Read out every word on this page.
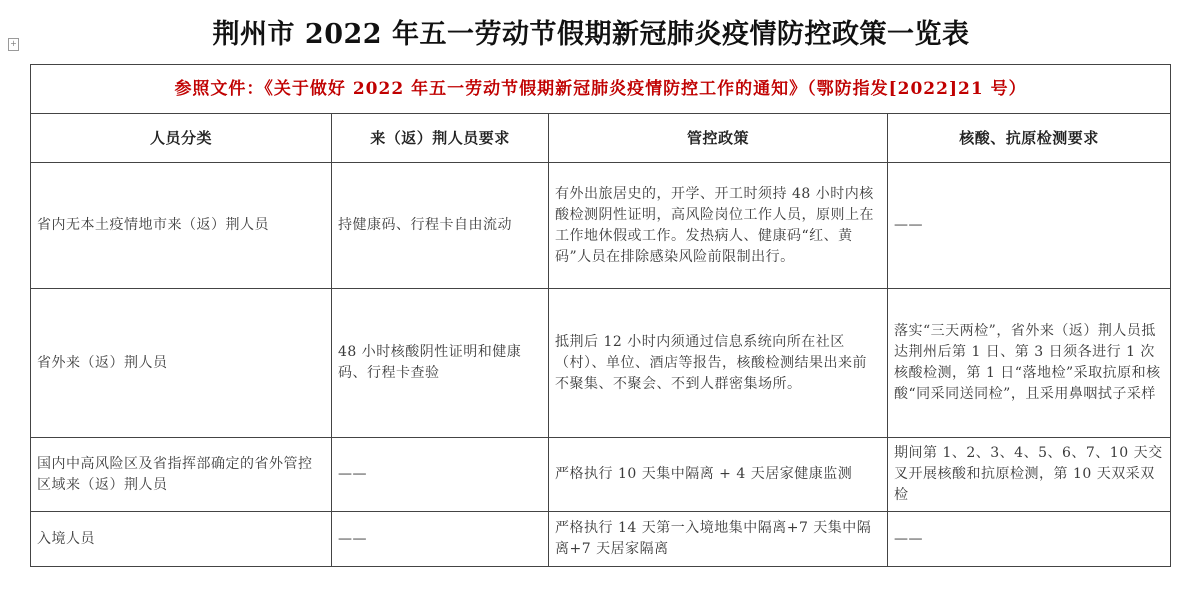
荆州市 2022 年五一劳动节假期新冠肺炎疫情防控政策一览表
+
参照文件：《关于做好 2022 年五一劳动节假期新冠肺炎疫情防控工作的通知》（鄂防指发[2022]21 号）			
人员分类	来（返）荆人员要求	管控政策	核酸、抗原检测要求
省内无本土疫情地市来（返）荆人员	持健康码、行程卡自由流动	有外出旅居史的，开学、开工时须持 48 小时内核酸检测阴性证明，高风险岗位工作人员，原则上在工作地休假或工作。发热病人、健康码“红、黄码”人员在排除感染风险前限制出行。	——
省外来（返）荆人员	48 小时核酸阴性证明和健康码、行程卡查验	抵荆后 12 小时内须通过信息系统向所在社区（村）、单位、酒店等报告，核酸检测结果出来前不聚集、不聚会、不到人群密集场所。	落实“三天两检”，省外来（返）荆人员抵达荆州后第 1 日、第 3 日须各进行 1 次核酸检测，第 1 日“落地检”采取抗原和核酸“同采同送同检”，且采用鼻咽拭子采样
国内中高风险区及省指挥部确定的省外管控区域来（返）荆人员	——	严格执行 10 天集中隔离 + 4 天居家健康监测	期间第 1、2、3、4、5、6、7、10 天交叉开展核酸和抗原检测，第 10 天双采双检
入境人员	——	严格执行 14 天第一入境地集中隔离+7 天集中隔离+7 天居家隔离	——
